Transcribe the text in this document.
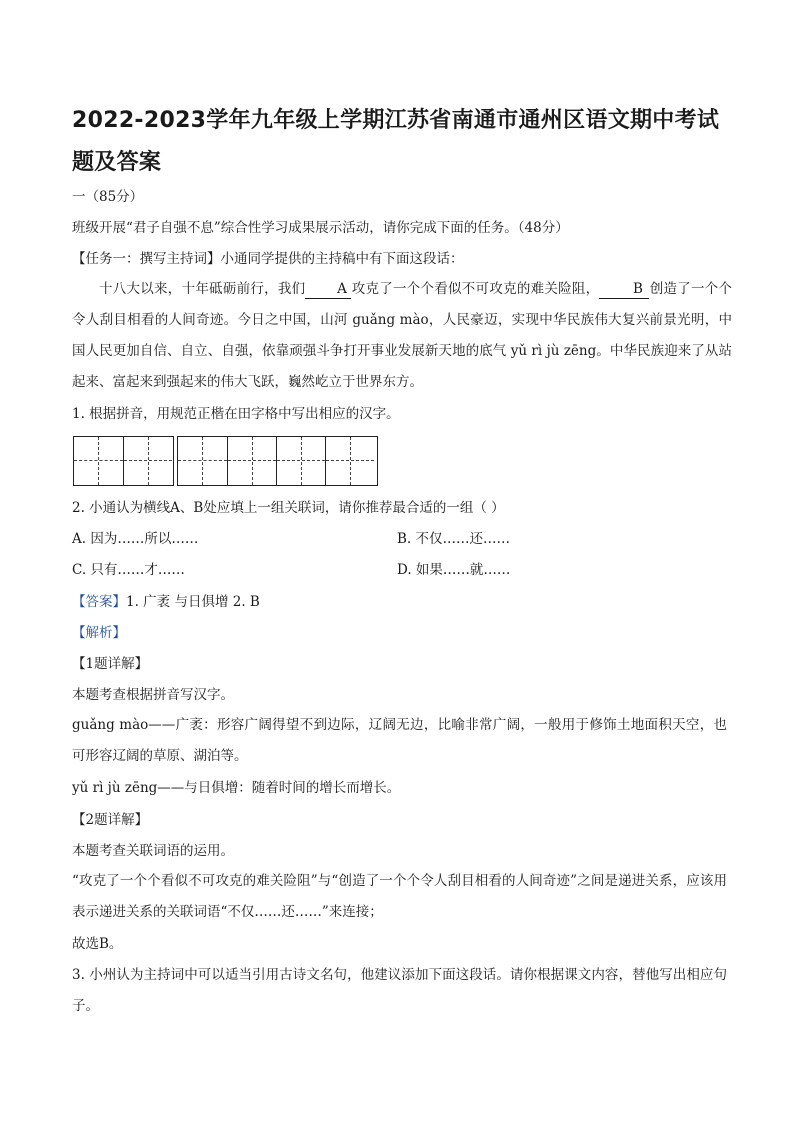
2022-2023学年九年级上学期江苏省南通市通州区语文期中考试题及答案
一（85分）
班级开展“君子自强不息”综合性学习成果展示活动，请你完成下面的任务。（48分）
【任务一：撰写主持词】小通同学提供的主持稿中有下面这段话：
十八大以来，十年砥砺前行，我们 A 攻克了一个个看似不可攻克的难关险阻， B 创造了一个个令人刮目相看的人间奇迹。今日之中国，山河 guǎng mào，人民豪迈，实现中华民族伟大复兴前景光明，中国人民更加自信、自立、自强，依靠顽强斗争打开事业发展新天地的底气 yǔ rì jù zēng。中华民族迎来了从站起来、富起来到强起来的伟大飞跃，巍然屹立于世界东方。
1. 根据拼音，用规范正楷在田字格中写出相应的汉字。
2. 小通认为横线A、B处应填上一组关联词，请你推荐最合适的一组（ ）
A. 因为……所以……	B. 不仅……还……
C. 只有……才……	D. 如果……就……
【答案】1. 广袤 与日俱增 2. B
【解析】
【1题详解】
本题考查根据拼音写汉字。
guǎng mào——广袤：形容广阔得望不到边际，辽阔无边，比喻非常广阔，一般用于修饰土地面积天空，也可形容辽阔的草原、湖泊等。
yǔ rì jù zēng——与日俱增：随着时间的增长而增长。
【2题详解】
本题考查关联词语的运用。
“攻克了一个个看似不可攻克的难关险阻”与“创造了一个个令人刮目相看的人间奇迹”之间是递进关系，应该用表示递进关系的关联词语“不仅……还……”来连接；
故选B。
3. 小州认为主持词中可以适当引用古诗文名句，他建议添加下面这段话。请你根据课文内容，替他写出相应句子。
